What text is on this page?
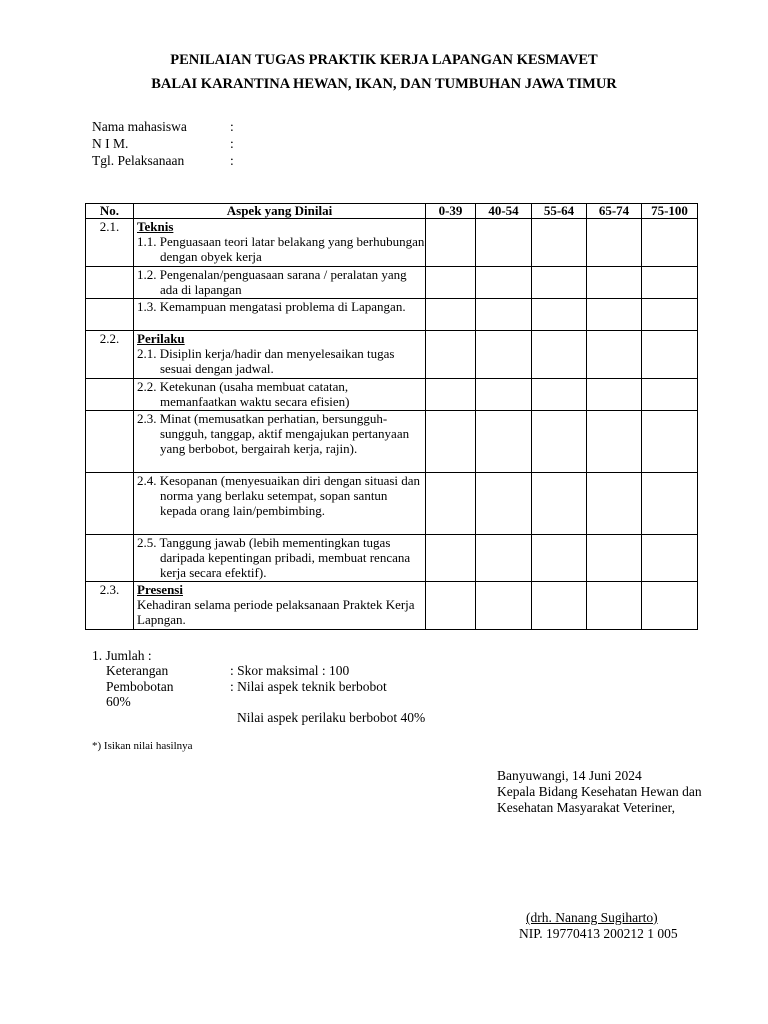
PENILAIAN TUGAS PRAKTIK KERJA LAPANGAN KESMAVET
BALAI KARANTINA HEWAN, IKAN, DAN TUMBUHAN JAWA TIMUR
Nama mahasiswa	:
N I M.	:
Tgl. Pelaksanaan	:
No.	Aspek yang Dinilai	0-39	40-54	55-64	65-74	75-100
2.1.	Teknis
1.1. Penguasaan teori latar belakang yang berhubungan dengan obyek kerja					

	1.2. Pengenalan/penguasaan sarana / peralatan yang ada di lapangan					

	1.3. Kemampuan mengatasi problema di Lapangan.					

2.2.	Perilaku
2.1. Disiplin kerja/hadir dan menyelesaikan tugas sesuai dengan jadwal.					

	2.2. Ketekunan (usaha membuat catatan, memanfaatkan waktu secara efisien)					

	2.3. Minat (memusatkan perhatian, bersungguh-sungguh, tanggap, aktif mengajukan pertanyaan yang berbobot, bergairah kerja, rajin).					

	2.4. Kesopanan (menyesuaikan diri dengan situasi dan norma yang berlaku setempat, sopan santun kepada orang lain/pembimbing.					

	2.5. Tanggung jawab (lebih mementingkan tugas daripada kepentingan pribadi, membuat rencana kerja secara efektif).					

2.3.	Presensi
Kehadiran selama periode pelaksanaan Praktek Kerja Lapngan.					

1. Jumlah :
Keterangan	: Skor maksimal : 100
Pembobotan	: Nilai aspek teknik berbobot
60%
Nilai aspek perilaku berbobot 40%
*) Isikan nilai hasilnya
Banyuwangi, 14 Juni 2024
Kepala Bidang Kesehatan Hewan dan
Kesehatan Masyarakat Veteriner,
(drh. Nanang Sugiharto)
NIP. 19770413 200212 1 005
